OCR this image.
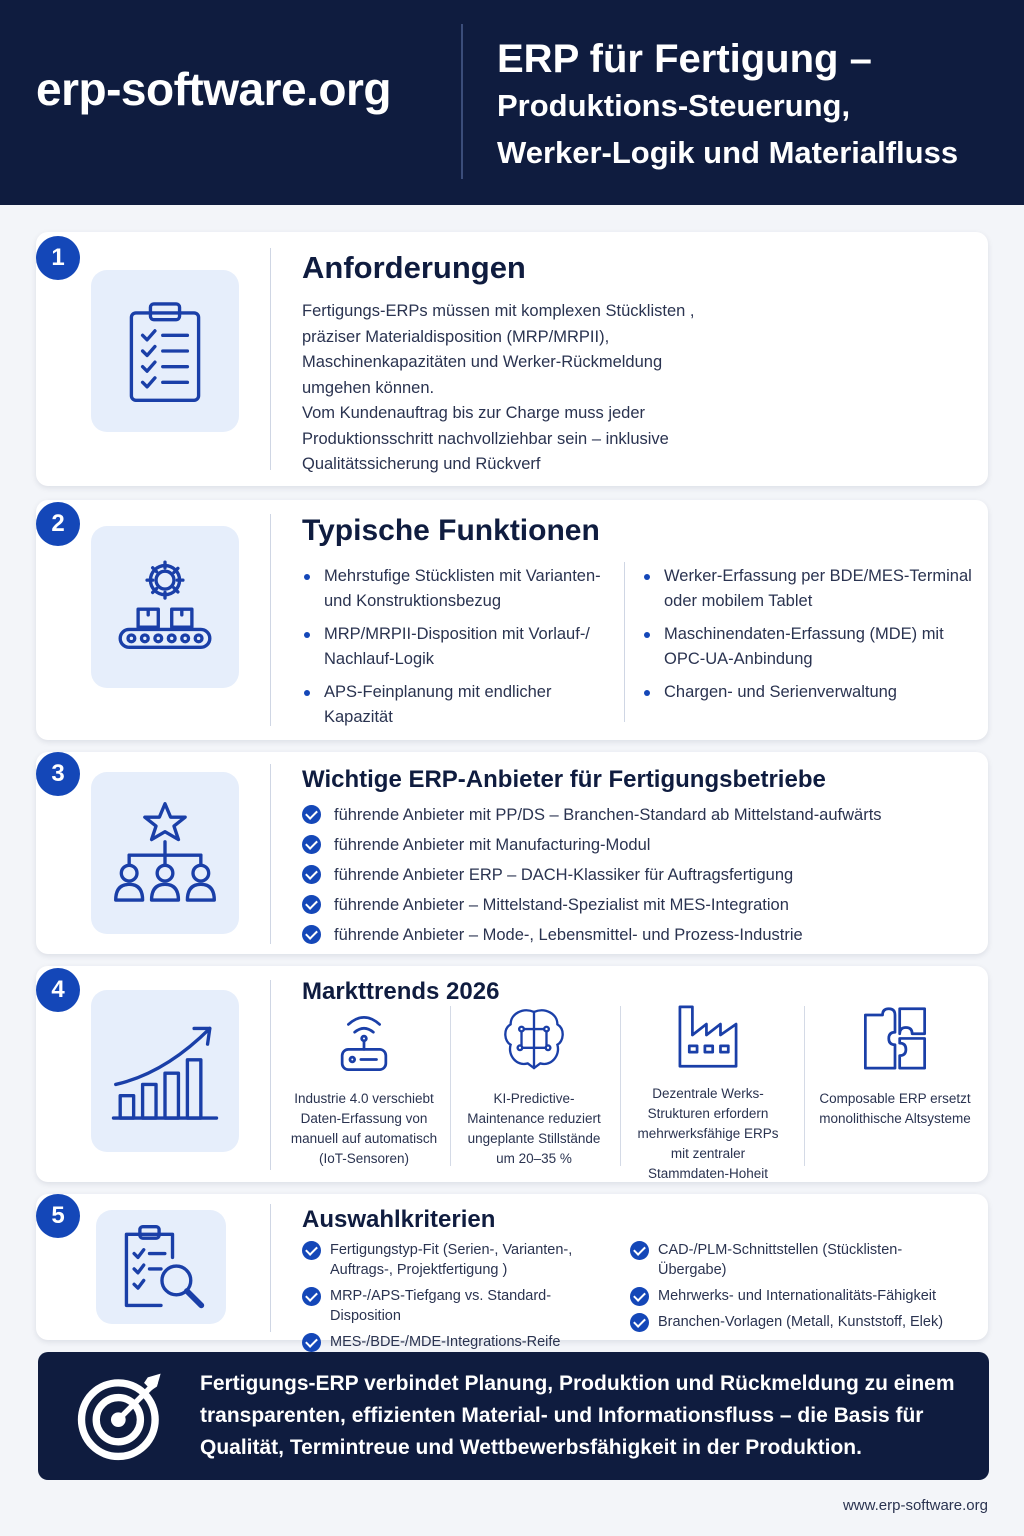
erp-software.org
ERP für Fertigung –
Produktions-Steuerung,
Werker-Logik und Materialfluss
1	Anforderungen
Fertigungs-ERPs müssen mit komplexen Stücklisten ,
präziser Materialdisposition (MRP/MRPII),
Maschinenkapazitäten und Werker-Rückmeldung
umgehen können.
Vom Kundenauftrag bis zur Charge muss jeder
Produktionsschritt nachvollziehbar sein – inklusive
Qualitätssicherung und Rückverf
2	Typische Funktionen
Mehrstufige Stücklisten mit Varianten- und Konstruktionsbezug
MRP/MRPII-Disposition mit Vorlauf-/ Nachlauf-Logik
APS-Feinplanung mit endlicher Kapazität
Werker-Erfassung per BDE/MES-Terminal oder mobilem Tablet
Maschinendaten-Erfassung (MDE) mit OPC-UA-Anbindung
Chargen- und Serienverwaltung
3	Wichtige ERP-Anbieter für Fertigungsbetriebe
führende Anbieter mit PP/DS – Branchen-Standard ab Mittelstand-aufwärts
führende Anbieter mit Manufacturing-Modul
führende Anbieter ERP – DACH-Klassiker für Auftragsfertigung
führende Anbieter – Mittelstand-Spezialist mit MES-Integration
führende Anbieter – Mode-, Lebensmittel- und Prozess-Industrie
4	Markttrends 2026
Industrie 4.0 verschiebt Daten-Erfassung von manuell auf automatisch (IoT-Sensoren)
KI-Predictive-Maintenance reduziert ungeplante Stillstände um 20–35 %
Dezentrale Werks-Strukturen erfordern mehrwerksfähige ERPs mit zentraler Stammdaten-Hoheit
Composable ERP ersetzt monolithische Altsysteme
5	Auswahlkriterien
Fertigungstyp-Fit (Serien-, Varianten-, Auftrags-, Projektfertigung )
MRP-/APS-Tiefgang vs. Standard-Disposition
MES-/BDE-/MDE-Integrations-Reife
CAD-/PLM-Schnittstellen (Stücklisten-Übergabe)
Mehrwerks- und Internationalitäts-Fähigkeit
Branchen-Vorlagen (Metall, Kunststoff, Elek)
Fertigungs-ERP verbindet Planung, Produktion und Rückmeldung zu einem transparenten, effizienten Material- und Informationsfluss – die Basis für Qualität, Termintreue und Wettbewerbsfähigkeit in der Produktion.
www.erp-software.org
